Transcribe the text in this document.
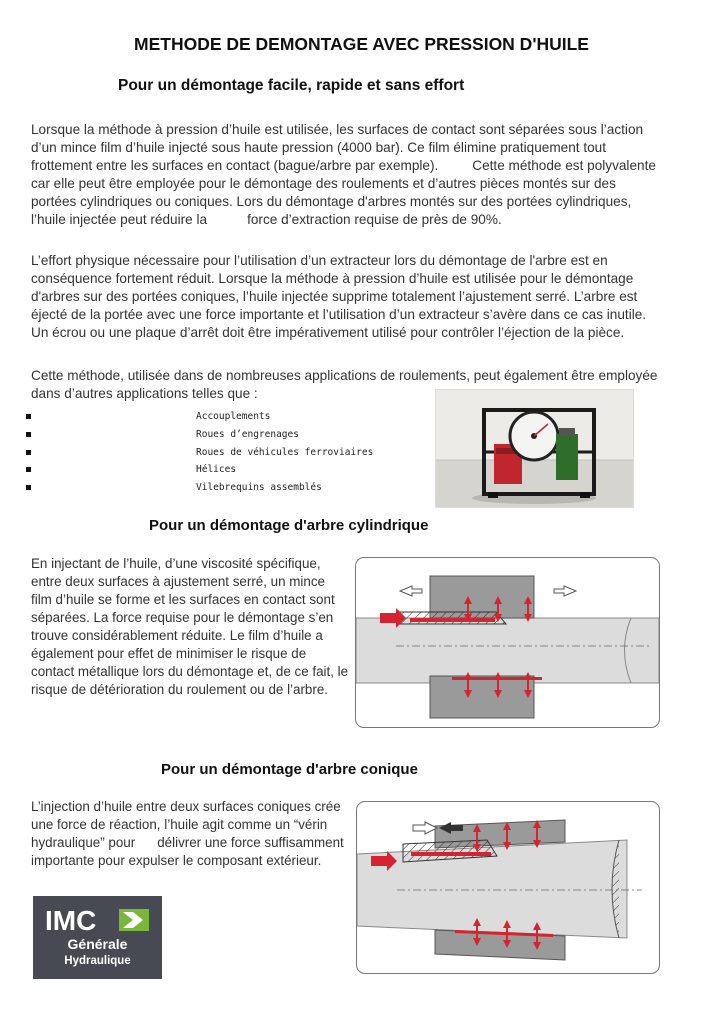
METHODE DE DEMONTAGE AVEC PRESSION D'HUILE
Pour un démontage facile, rapide et sans effort
Lorsque la méthode à pression d’huile est utilisée, les surfaces de contact sont séparées sous l’action d’un mince film d’huile injecté sous haute pression (4000 bar). Ce film élimine pratiquement tout frottement entre les surfaces en contact (bague/arbre par exemple).	Cette méthode est polyvalente car elle peut être employée pour le démontage des roulements et d’autres pièces montés sur des portées cylindriques ou coniques. Lors du démontage d'arbres montés sur des portées cylindriques, l’huile injectée peut réduire la	force d’extraction requise de près de 90%.
L’effort physique nécessaire pour l’utilisation d’un extracteur lors du démontage de l'arbre est en conséquence fortement réduit. Lorsque la méthode à pression d’huile est utilisée pour le démontage d'arbres sur des portées coniques, l’huile injectée supprime totalement l’ajustement serré. L’arbre est éjecté de la portée avec une force importante et l’utilisation d’un extracteur s’avère dans ce cas inutile. Un écrou ou une plaque d’arrêt doit être impérativement utilisé pour contrôler l’éjection de la pièce.
Cette méthode, utilisée dans de nombreuses applications de roulements, peut également être employée dans d’autres applications telles que :
Accouplements
Roues d’engrenages
Roues de véhicules ferroviaires
Hélices
Vilebrequins assemblés
Pour un démontage d'arbre cylindrique
En injectant de l’huile, d’une viscosité spécifique, entre deux surfaces à ajustement serré, un mince film d’huile se forme et les surfaces en contact sont séparées. La force requise pour le démontage s’en trouve considérablement réduite. Le film d’huile a également pour effet de minimiser le risque de contact métallique lors du démontage et, de ce fait, le risque de détérioration du roulement ou de l’arbre.
Pour un démontage d'arbre conique
L’injection d’huile entre deux surfaces coniques crée une force de réaction, l’huile agit comme un “vérin hydraulique” pour délivrer une force suffisamment importante pour expulser le composant extérieur.
IMC
Générale
Hydraulique
